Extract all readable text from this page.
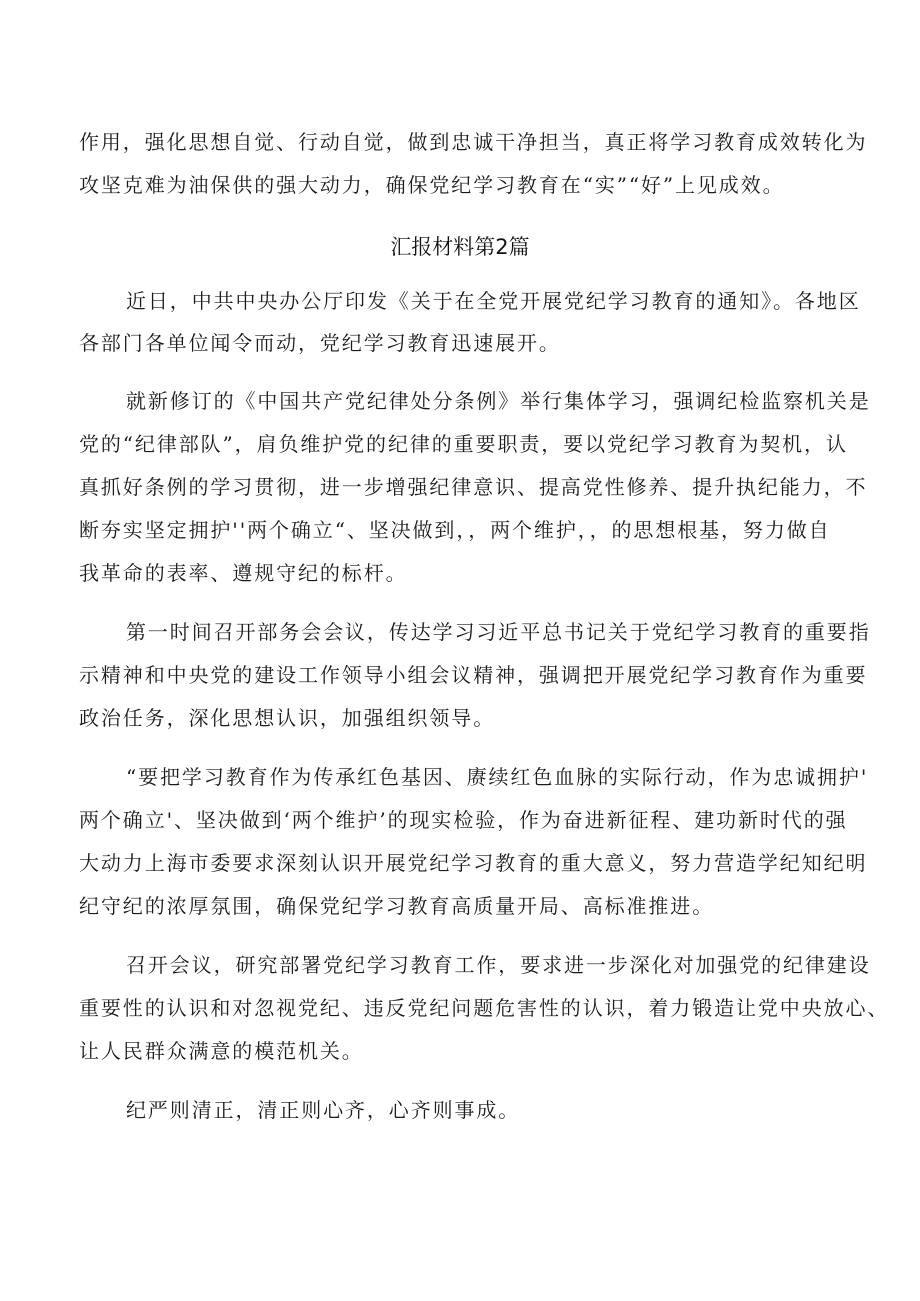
作用，强化思想自觉、行动自觉，做到忠诚干净担当，真正将学习教育成效转化为
攻坚克难为油保供的强大动力，确保党纪学习教育在“实”“好”上见成效。
汇报材料第2篇
近日，中共中央办公厅印发《关于在全党开展党纪学习教育的通知》。各地区
各部门各单位闻令而动，党纪学习教育迅速展开。
就新修订的《中国共产党纪律处分条例》举行集体学习，强调纪检监察机关是
党的“纪律部队”，肩负维护党的纪律的重要职责，要以党纪学习教育为契机，认
真抓好条例的学习贯彻，进一步增强纪律意识、提高党性修养、提升执纪能力，不
断夯实坚定拥护''两个确立“、坚决做到，，两个维护，，的思想根基，努力做自
我革命的表率、遵规守纪的标杆。
第一时间召开部务会会议，传达学习习近平总书记关于党纪学习教育的重要指
示精神和中央党的建设工作领导小组会议精神，强调把开展党纪学习教育作为重要
政治任务，深化思想认识，加强组织领导。
“要把学习教育作为传承红色基因、赓续红色血脉的实际行动，作为忠诚拥护'
两个确立'、坚决做到‘两个维护’的现实检验，作为奋进新征程、建功新时代的强
大动力上海市委要求深刻认识开展党纪学习教育的重大意义，努力营造学纪知纪明
纪守纪的浓厚氛围，确保党纪学习教育高质量开局、高标准推进。
召开会议，研究部署党纪学习教育工作，要求进一步深化对加强党的纪律建设
重要性的认识和对忽视党纪、违反党纪问题危害性的认识，着力锻造让党中央放心、
让人民群众满意的模范机关。
纪严则清正，清正则心齐，心齐则事成。
